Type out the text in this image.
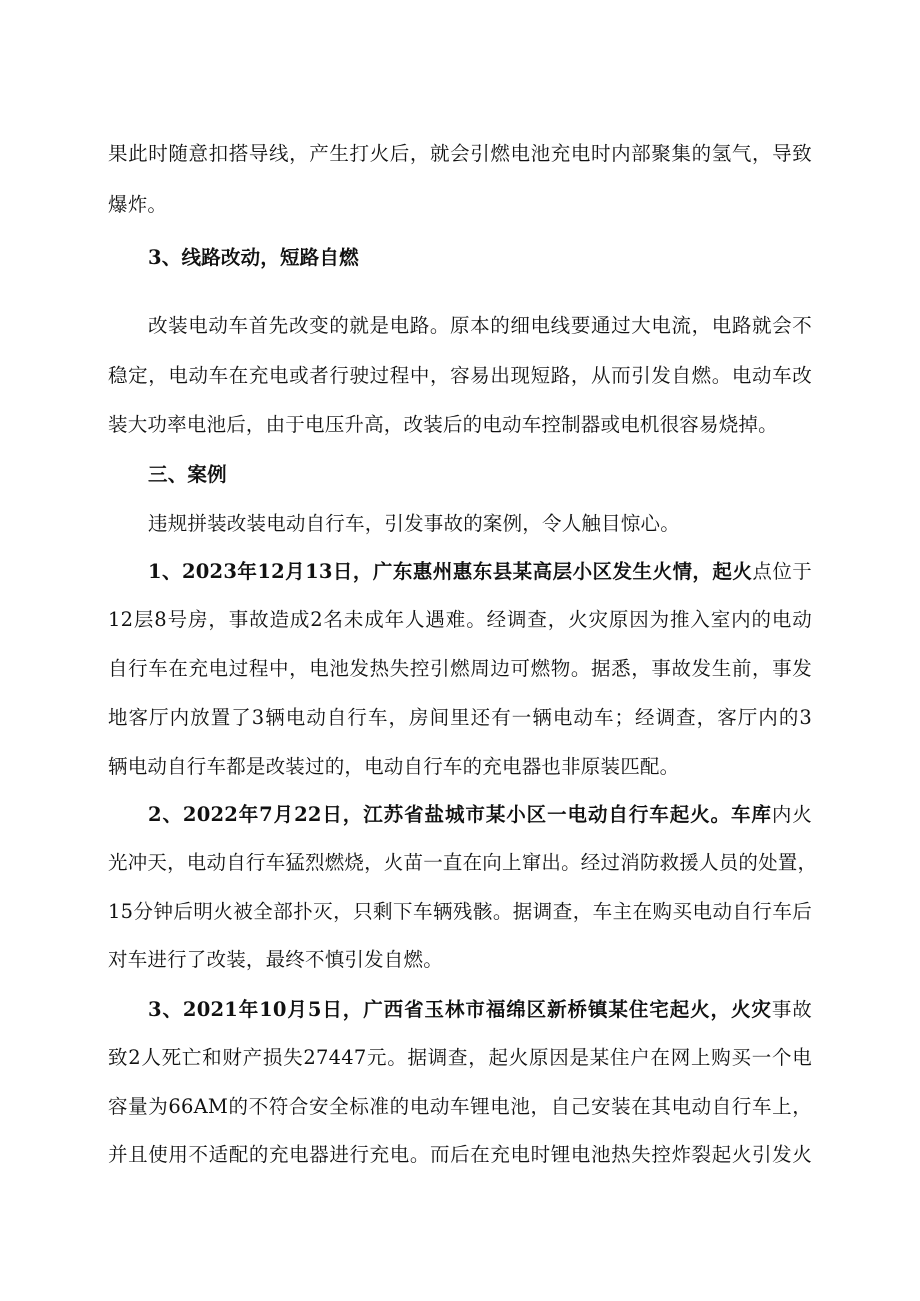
果此时随意扣搭导线，产生打火后，就会引燃电池充电时内部聚集的氢气，导致
爆炸。
3、线路改动，短路自燃
改装电动车首先改变的就是电路。原本的细电线要通过大电流，电路就会不
稳定，电动车在充电或者行驶过程中，容易出现短路，从而引发自燃。电动车改
装大功率电池后，由于电压升高，改装后的电动车控制器或电机很容易烧掉。
三、案例
违规拼装改装电动自行车，引发事故的案例，令人触目惊心。
1、2023年12月13日，广东惠州惠东县某高层小区发生火情，起火点位于
12层8号房，事故造成2名未成年人遇难。经调查，火灾原因为推入室内的电动
自行车在充电过程中，电池发热失控引燃周边可燃物。据悉，事故发生前，事发
地客厅内放置了3辆电动自行车，房间里还有一辆电动车；经调查，客厅内的3
辆电动自行车都是改装过的，电动自行车的充电器也非原装匹配。
2、2022年7月22日，江苏省盐城市某小区一电动自行车起火。车库内火
光冲天，电动自行车猛烈燃烧，火苗一直在向上窜出。经过消防救援人员的处置，
15分钟后明火被全部扑灭，只剩下车辆残骸。据调查，车主在购买电动自行车后
对车进行了改装，最终不慎引发自燃。
3、2021年10月5日，广西省玉林市福绵区新桥镇某住宅起火，火灾事故
致2人死亡和财产损失27447元。据调查，起火原因是某住户在网上购买一个电
容量为66AM的不符合安全标准的电动车锂电池，自己安装在其电动自行车上，
并且使用不适配的充电器进行充电。而后在充电时锂电池热失控炸裂起火引发火
